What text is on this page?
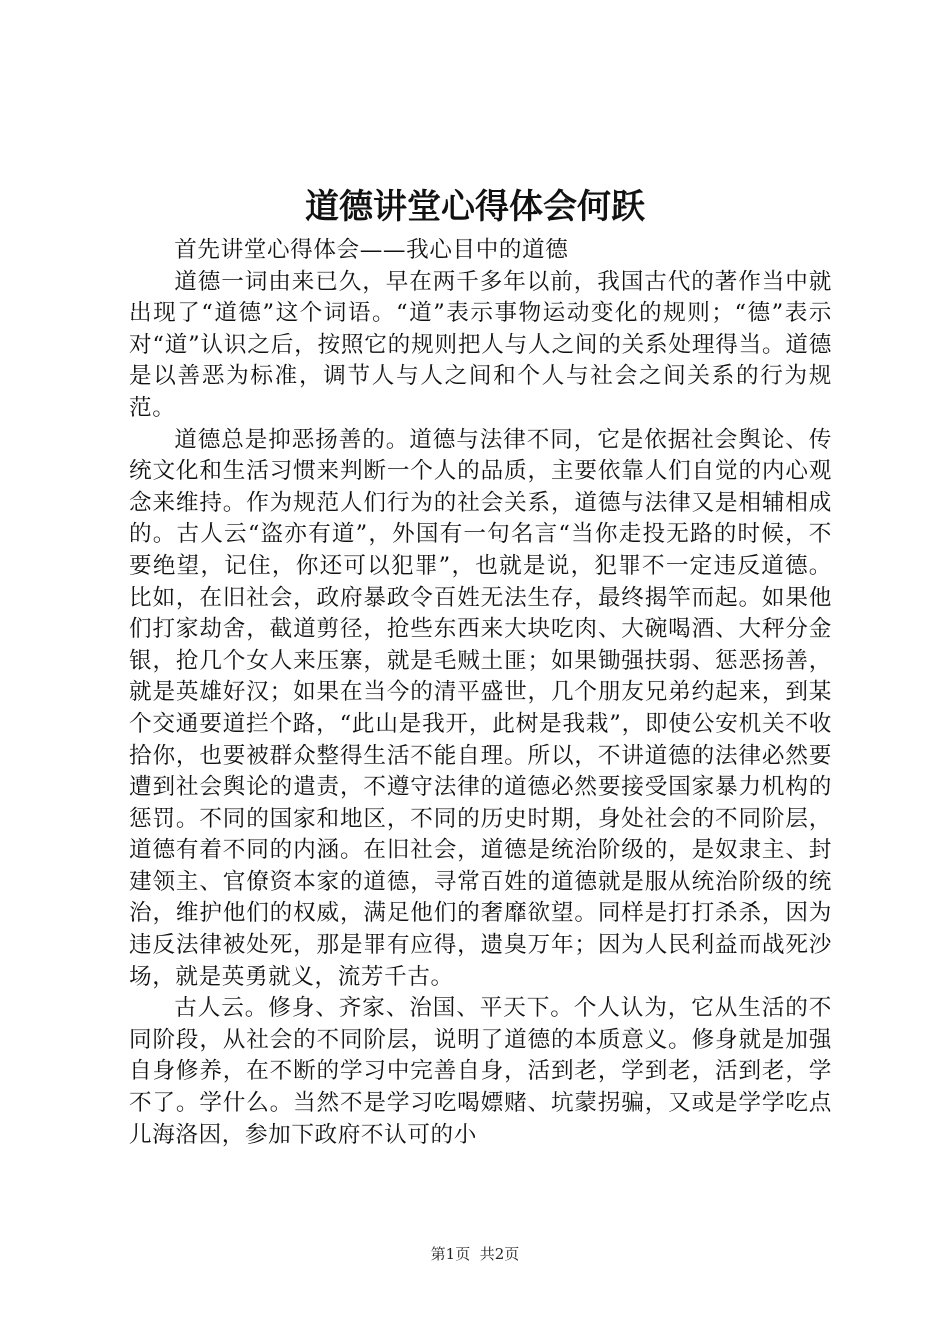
道德讲堂心得体会何跃

首先讲堂心得体会——我心目中的道德

道德一词由来已久，早在两千多年以前，我国古代的著作当中就出现了“道德”这个词语。“道”表示事物运动变化的规则；“德”表示对“道”认识之后，按照它的规则把人与人之间的关系处理得当。道德是以善恶为标准，调节人与人之间和个人与社会之间关系的行为规范。

道德总是抑恶扬善的。道德与法律不同，它是依据社会舆论、传统文化和生活习惯来判断一个人的品质，主要依靠人们自觉的内心观念来维持。作为规范人们行为的社会关系，道德与法律又是相辅相成的。古人云“盗亦有道”，外国有一句名言“当你走投无路的时候，不要绝望，记住，你还可以犯罪”，也就是说，犯罪不一定违反道德。比如，在旧社会，政府暴政令百姓无法生存，最终揭竿而起。如果他们打家劫舍，截道剪径，抢些东西来大块吃肉、大碗喝酒、大秤分金银，抢几个女人来压寨，就是毛贼土匪；如果锄强扶弱、惩恶扬善，就是英雄好汉；如果在当今的清平盛世，几个朋友兄弟约起来，到某个交通要道拦个路，“此山是我开，此树是我栽”，即使公安机关不收拾你，也要被群众整得生活不能自理。所以，不讲道德的法律必然要遭到社会舆论的遣责，不遵守法律的道德必然要接受国家暴力机构的惩罚。不同的国家和地区，不同的历史时期，身处社会的不同阶层，道德有着不同的内涵。在旧社会，道德是统治阶级的，是奴隶主、封建领主、官僚资本家的道德，寻常百姓的道德就是服从统治阶级的统治，维护他们的权威，满足他们的奢靡欲望。同样是打打杀杀，因为违反法律被处死，那是罪有应得，遗臭万年；因为人民利益而战死沙场，就是英勇就义，流芳千古。

古人云。修身、齐家、治国、平天下。个人认为，它从生活的不同阶段，从社会的不同阶层，说明了道德的本质意义。修身就是加强自身修养，在不断的学习中完善自身，活到老，学到老，活到老，学不了。学什么。当然不是学习吃喝嫖赌、坑蒙拐骗，又或是学学吃点儿海洛因，参加下政府不认可的小

第1页 共2页
